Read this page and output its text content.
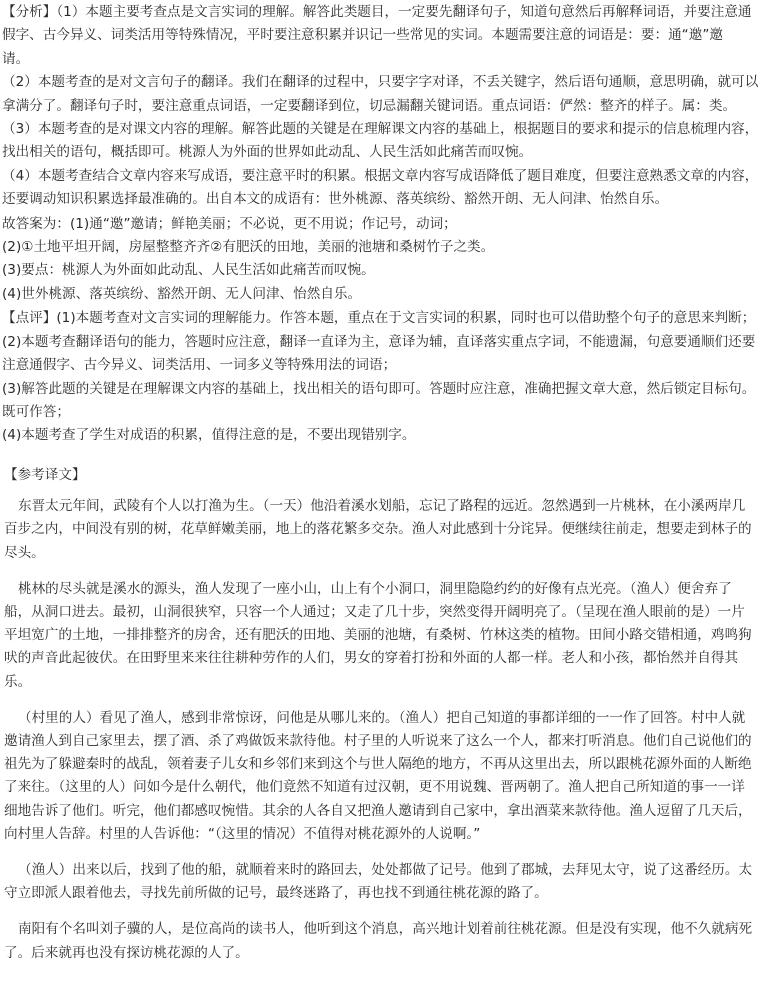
【分析】（1）本题主要考查点是文言实词的理解。解答此类题目，一定要先翻译句子，知道句意然后再解释词语，并要注意通
假字、古今异义、词类活用等特殊情况，平时要注意积累并识记一些常见的实词。本题需要注意的词语是：要：通“邀”邀
请。
（2）本题考查的是对文言句子的翻译。我们在翻译的过程中，只要字字对译，不丢关键字，然后语句通顺，意思明确，就可以
拿满分了。翻译句子时，要注意重点词语，一定要翻译到位，切忌漏翻关键词语。重点词语：俨然：整齐的样子。属：类。
（3）本题考查的是对课文内容的理解。解答此题的关键是在理解课文内容的基础上，根据题目的要求和提示的信息梳理内容，
找出相关的语句，概括即可。桃源人为外面的世界如此动乱、人民生活如此痛苦而叹惋。
（4）本题考查结合文章内容来写成语，要注意平时的积累。根据文章内容写成语降低了题目难度，但要注意熟悉文章的内容，
还要调动知识积累选择最准确的。出自本文的成语有：世外桃源、落英缤纷、豁然开朗、无人问津、怡然自乐。
故答案为：(1)通“邀”邀请；鲜艳美丽；不必说，更不用说；作记号，动词；
(2)①土地平坦开阔，房屋整整齐齐②有肥沃的田地，美丽的池塘和桑树竹子之类。
(3)要点：桃源人为外面如此动乱、人民生活如此痛苦而叹惋。
(4)世外桃源、落英缤纷、豁然开朗、无人问津、怡然自乐。
【点评】(1)本题考查对文言实词的理解能力。作答本题，重点在于文言实词的积累，同时也可以借助整个句子的意思来判断；
(2)本题考查翻译语句的能力，答题时应注意，翻译一直译为主，意译为辅，直译落实重点字词，不能遗漏，句意要通顺们还要
注意通假字、古今异义、词类活用、一词多义等特殊用法的词语；
(3)解答此题的关键是在理解课文内容的基础上，找出相关的语句即可。答题时应注意，准确把握文章大意，然后锁定目标句。
既可作答；
(4)本题考查了学生对成语的积累，值得注意的是，不要出现错别字。
【参考译文】

东晋太元年间，武陵有个人以打渔为生。（一天）他沿着溪水划船，忘记了路程的远近。忽然遇到一片桃林，在小溪两岸几
百步之内，中间没有别的树，花草鲜嫩美丽，地上的落花繁多交杂。渔人对此感到十分诧异。便继续往前走，想要走到林子的
尽头。

桃林的尽头就是溪水的源头，渔人发现了一座小山，山上有个小洞口，洞里隐隐约约的好像有点光亮。（渔人）便舍弃了
船，从洞口进去。最初，山洞很狭窄，只容一个人通过；又走了几十步，突然变得开阔明亮了。（呈现在渔人眼前的是）一片
平坦宽广的土地，一排排整齐的房舍，还有肥沃的田地、美丽的池塘，有桑树、竹林这类的植物。田间小路交错相通，鸡鸣狗
吠的声音此起彼伏。在田野里来来往往耕种劳作的人们，男女的穿着打扮和外面的人都一样。老人和小孩，都怡然并自得其
乐。

（村里的人）看见了渔人，感到非常惊讶，问他是从哪儿来的。（渔人）把自己知道的事都详细的一一作了回答。村中人就
邀请渔人到自己家里去，摆了酒、杀了鸡做饭来款待他。村子里的人听说来了这么一个人，都来打听消息。他们自己说他们的
祖先为了躲避秦时的战乱，领着妻子儿女和乡邻们来到这个与世人隔绝的地方，不再从这里出去，所以跟桃花源外面的人断绝
了来往。（这里的人）问如今是什么朝代，他们竟然不知道有过汉朝，更不用说魏、晋两朝了。渔人把自己所知道的事一一详
细地告诉了他们。听完，他们都感叹惋惜。其余的人各自又把渔人邀请到自己家中，拿出酒菜来款待他。渔人逗留了几天后，
向村里人告辞。村里的人告诉他：“（这里的情况）不值得对桃花源外的人说啊。”

（渔人）出来以后，找到了他的船，就顺着来时的路回去，处处都做了记号。他到了郡城，去拜见太守，说了这番经历。太
守立即派人跟着他去，寻找先前所做的记号，最终迷路了，再也找不到通往桃花源的路了。

南阳有个名叫刘子骥的人，是位高尚的读书人，他听到这个消息，高兴地计划着前往桃花源。但是没有实现，他不久就病死
了。后来就再也没有探访桃花源的人了。
